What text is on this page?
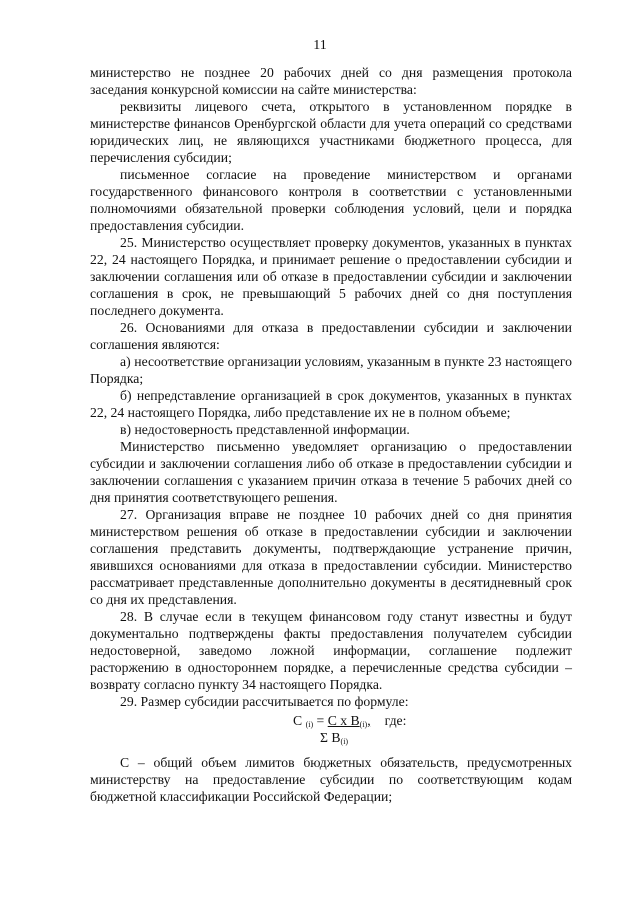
11

министерство не позднее 20 рабочих дней со дня размещения протокола заседания конкурсной комиссии на сайте министерства:

реквизиты лицевого счета, открытого в установленном порядке в министерстве финансов Оренбургской области для учета операций со средствами юридических лиц, не являющихся участниками бюджетного процесса, для перечисления субсидии;

письменное согласие на проведение министерством и органами государственного финансового контроля в соответствии с установленными полномочиями обязательной проверки соблюдения условий, цели и порядка предоставления субсидии.

25. Министерство осуществляет проверку документов, указанных в пунктах 22, 24 настоящего Порядка, и принимает решение о предоставлении субсидии и заключении соглашения или об отказе в предоставлении субсидии и заключении соглашения в срок, не превышающий 5 рабочих дней со дня поступления последнего документа.

26. Основаниями для отказа в предоставлении субсидии и заключении соглашения являются:

а) несоответствие организации условиям, указанным в пункте 23 настоящего Порядка;

б) непредставление организацией в срок документов, указанных в пунктах 22, 24 настоящего Порядка, либо представление их не в полном объеме;

в) недостоверность представленной информации.

Министерство письменно уведомляет организацию о предоставлении субсидии и заключении соглашения либо об отказе в предоставлении субсидии и заключении соглашения с указанием причин отказа в течение 5 рабочих дней со дня принятия соответствующего решения.

27. Организация вправе не позднее 10 рабочих дней со дня принятия министерством решения об отказе в предоставлении субсидии и заключении соглашения представить документы, подтверждающие устранение причин, явившихся основаниями для отказа в предоставлении субсидии. Министерство рассматривает представленные дополнительно документы в десятидневный срок со дня их представления.

28. В случае если в текущем финансовом году станут известны и будут документально подтверждены факты предоставления получателем субсидии недостоверной, заведомо ложной информации, соглашение подлежит расторжению в одностороннем порядке, а перечисленные средства субсидии – возврату согласно пункту 34 настоящего Порядка.

29. Размер субсидии рассчитывается по формуле:

C $_{(i)}$ = C x $B_{(i)}$, где:
Σ $B_{(i)}$

С – общий объем лимитов бюджетных обязательств, предусмотренных министерству на предоставление субсидии по соответствующим кодам бюджетной классификации Российской Федерации;
